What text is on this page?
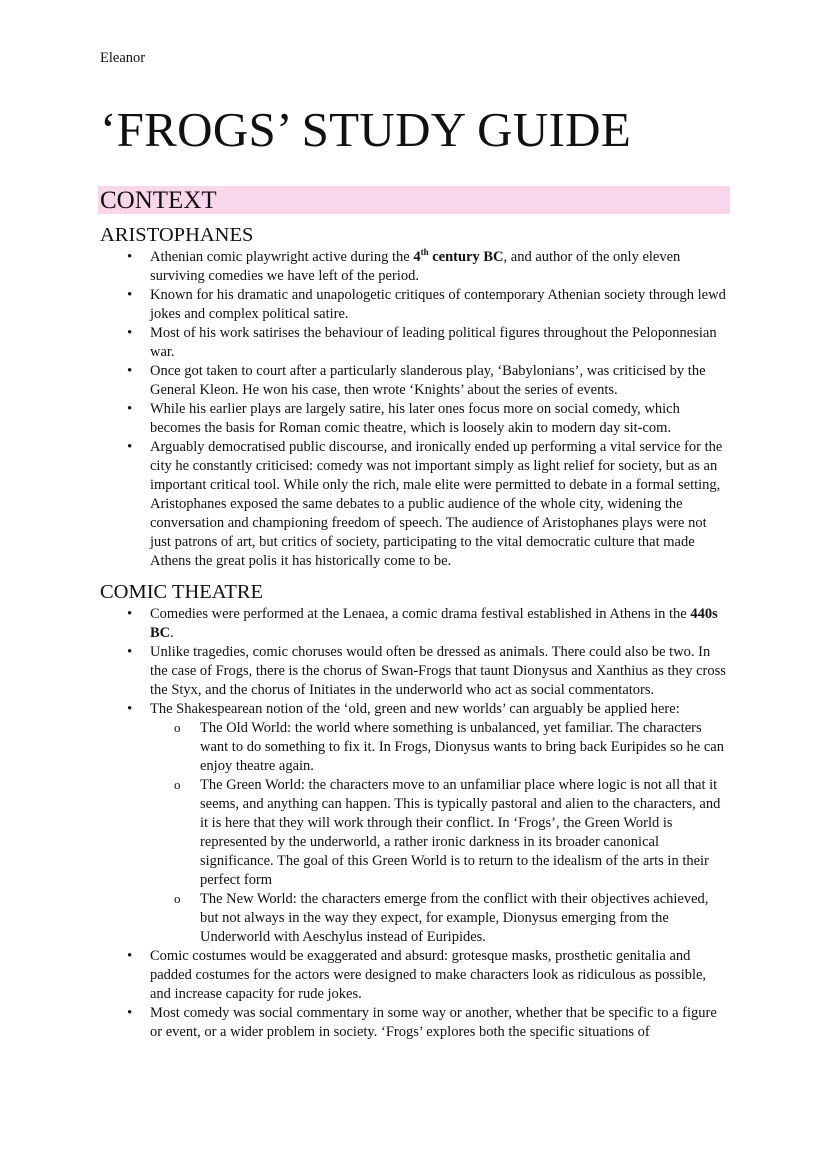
Eleanor
‘FROGS’ STUDY GUIDE
CONTEXT
ARISTOPHANES
• Athenian comic playwright active during the 4th century BC, and author of the only eleven surviving comedies we have left of the period.
• Known for his dramatic and unapologetic critiques of contemporary Athenian society through lewd jokes and complex political satire.
• Most of his work satirises the behaviour of leading political figures throughout the Peloponnesian war.
• Once got taken to court after a particularly slanderous play, ‘Babylonians’, was criticised by the General Kleon. He won his case, then wrote ‘Knights’ about the series of events.
• While his earlier plays are largely satire, his later ones focus more on social comedy, which becomes the basis for Roman comic theatre, which is loosely akin to modern day sit-com.
• Arguably democratised public discourse, and ironically ended up performing a vital service for the city he constantly criticised: comedy was not important simply as light relief for society, but as an important critical tool. While only the rich, male elite were permitted to debate in a formal setting, Aristophanes exposed the same debates to a public audience of the whole city, widening the conversation and championing freedom of speech. The audience of Aristophanes plays were not just patrons of art, but critics of society, participating to the vital democratic culture that made Athens the great polis it has historically come to be.
COMIC THEATRE
• Comedies were performed at the Lenaea, a comic drama festival established in Athens in the 440s BC.
• Unlike tragedies, comic choruses would often be dressed as animals. There could also be two. In the case of Frogs, there is the chorus of Swan-Frogs that taunt Dionysus and Xanthius as they cross the Styx, and the chorus of Initiates in the underworld who act as social commentators.
• The Shakespearean notion of the ‘old, green and new worlds’ can arguably be applied here:
o The Old World: the world where something is unbalanced, yet familiar. The characters want to do something to fix it. In Frogs, Dionysus wants to bring back Euripides so he can enjoy theatre again.
o The Green World: the characters move to an unfamiliar place where logic is not all that it seems, and anything can happen. This is typically pastoral and alien to the characters, and it is here that they will work through their conflict. In ‘Frogs’, the Green World is represented by the underworld, a rather ironic darkness in its broader canonical significance. The goal of this Green World is to return to the idealism of the arts in their perfect form
o The New World: the characters emerge from the conflict with their objectives achieved, but not always in the way they expect, for example, Dionysus emerging from the Underworld with Aeschylus instead of Euripides.
• Comic costumes would be exaggerated and absurd: grotesque masks, prosthetic genitalia and padded costumes for the actors were designed to make characters look as ridiculous as possible, and increase capacity for rude jokes.
• Most comedy was social commentary in some way or another, whether that be specific to a figure or event, or a wider problem in society. ‘Frogs’ explores both the specific situations of
